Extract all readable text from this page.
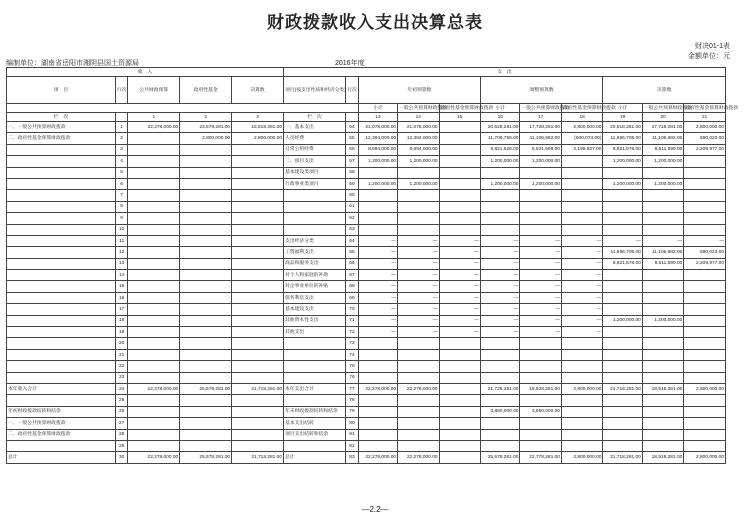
财政拨款收入支出决算总表
财决01-1表
金额单位：元
编制单位：湖南省岳阳市湘阴县国土资源局	2016年度
收　入					支　出										
项　目	行次	公共财政预算	政府性基金	决算数	项目(按支出性质和经济分类)	行次	年初预算数			调整预算数			决算数		
							小计	一般公共预算财政拨款	政府性基金预算财政拨款	小计	一般公共预算财政拨款	政府性基金预算财政拨款	小计	一般公共预算财政拨款	政府性基金预算财政拨款
栏　次		1	2	3	栏　次		13	14	15	16	17	18	19	20	21
一、一般公共预算财政拨款	1	22,278,000.00	23,578,281.00	18,818,281.00	一、基本支出	54	21,078,000.00	21,078,000.00		20,528,281.00	17,728,281.00	2,800,000.00	20,518,281.00	17,718,281.00	2,800,000.00
二、政府性基金预算财政拨款	2		2,800,000.00	2,800,000.00	人员经费	55	12,384,000.00	12,384,000.00		11,706,756.00	11,106,682.00	(600,074.00)	11,696,705.00	11,106,682.00	590,023.00
	3				日常公用经费	56	8,694,000.00	8,694,000.00		8,821,526.00	6,621,599.00	2,199,927.00	8,821,576.00	6,611,599.00	2,209,977.00
	4				二、项目支出	57	1,200,000.00	1,200,000.00		1,200,000.00	1,200,000.00		1,200,000.00	1,200,000.00	
	5				基本建设类项目	58									
	6				行政事业类项目	59	1,200,000.00	1,200,000.00		1,200,000.00	1,200,000.00		1,200,000.00	1,200,000.00	
	7					60									
	8					61									
	9					62									
	10					63									
	11				支出经济分类	64	—	—	—	—	—	—	—	—	—
	12				工资福利支出	65	—	—	—	—	—	—	11,696,705.00	11,106,682.00	590,023.00
	13				商品和服务支出	66	—	—	—	—	—	—	8,821,576.00	6,611,599.00	2,209,977.00
	14				对个人和家庭的补助	67	—	—	—	—	—	—			
	15				对企事业单位的补贴	68	—	—	—	—	—	—			
	16				债务利息支出	69	—	—	—	—	—	—			
	17				基本建设支出	70	—	—	—	—	—	—			
	18				其他资本性支出	71	—	—	—	—	—	—	1,200,000.00	1,200,000.00	
	19				其他支出	72	—	—	—	—	—	—			
	20					73									
	21					74									
	22					75									
	23					76									
本年收入合计	24	22,278,000.00	25,578,281.00	21,718,281.00	本年支出合计	77	22,278,000.00	22,278,000.00		21,728,281.00	18,928,281.00	2,800,000.00	21,718,281.00	18,918,281.00	2,800,000.00
	25					78									
年初财政拨款结转和结余	26				年末财政拨款结转和结余	79				3,850,000.00	3,850,000.00				
一、一般公共预算财政拨款	27				基本支出结转	80									
二、政府性基金预算财政拨款	28				项目支出结转和结余	81									
	29					82									
总计	30	22,278,000.00	25,578,281.00	21,718,281.00	总计	83	22,278,000.00	22,278,000.00		25,578,281.00	22,778,281.00	2,800,000.00	21,718,281.00	18,918,281.00	2,800,000.00
—2.2—
